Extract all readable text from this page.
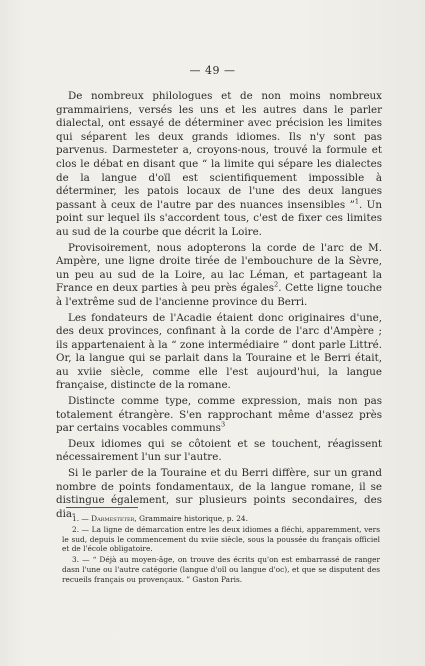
— 49 —

De nombreux philologues et de non moins nombreux grammairiens, versés les uns et les autres dans le parler dialectal, ont essayé de déterminer avec précision les limites qui séparent les deux grands idiomes. Ils n'y sont pas parvenus. Darmesteter a, croyons-nous, trouvé la formule et clos le débat en disant que “ la limite qui sépare les dialectes de la langue d'oïl est scientifiquement impossible à déterminer, les patois locaux de l'une des deux langues passant à ceux de l'autre par des nuances insensibles ”$^1$. Un point sur lequel ils s'accordent tous, c'est de fixer ces limites au sud de la courbe que décrit la Loire.

Provisoirement, nous adopterons la corde de l'arc de M. Ampère, une ligne droite tirée de l'embouchure de la Sèvre, un peu au sud de la Loire, au lac Léman, et partageant la France en deux parties à peu près égales$^2$. Cette ligne touche à l'extrême sud de l'ancienne province du Berri.

Les fondateurs de l'Acadie étaient donc originaires d'une, des deux provinces, confinant à la corde de l'arc d'Ampère ; ils appartenaient à la “ zone intermédiaire ” dont parle Littré. Or, la langue qui se parlait dans la Touraine et le Berri était, au xviie siècle, comme elle l'est aujourd'hui, la langue française, distincte de la romane.

Distincte comme type, comme expression, mais non pas totalement étrangère. S'en rapprochant même d'assez près par certains vocables communs$^3$

Deux idiomes qui se côtoient et se touchent, réagissent nécessairement l'un sur l'autre.

Si le parler de la Touraine et du Berri diffère, sur un grand nombre de points fondamentaux, de la langue romane, il se distingue également, sur plusieurs points secondaires, des dia-

1. — Darmesteter, Grammaire historique, p. 24.

2. — La ligne de démarcation entre les deux idiomes a fléchi, apparemment, vers le sud, depuis le commencement du xviie siècle, sous la poussée du français officiel et de l'école obligatoire.

3. — “ Déjà au moyen-âge, on trouve des écrits qu'on est embarrassé de ranger dasn l'une ou l'autre catégorie (langue d'oïl ou langue d'oc), et que se disputent des recueils français ou provençaux. ” Gaston Paris.
